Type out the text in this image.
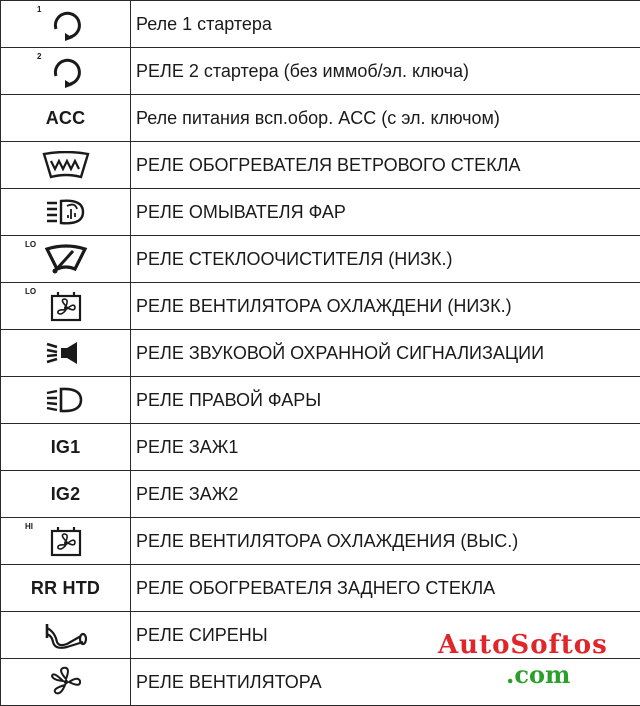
1	Реле 1 стартера

2	РЕЛЕ 2 стартера (без иммоб/эл. ключа)
ACC	Реле питания всп.обор. ACC (с эл. ключом)
	РЕЛЕ ОБОГРЕВАТЕЛЯ ВЕТРОВОГО СТЕКЛА
	РЕЛЕ ОМЫВАТЕЛЯ ФАР

LO	РЕЛЕ СТЕКЛООЧИСТИТЕЛЯ (НИЗК.)

LO	РЕЛЕ ВЕНТИЛЯТОРА ОХЛАЖДЕНИ (НИЗК.)
	РЕЛЕ ЗВУКОВОЙ ОХРАННОЙ СИГНАЛИЗАЦИИ
	РЕЛЕ ПРАВОЙ ФАРЫ
IG1	РЕЛЕ ЗАЖ1
IG2	РЕЛЕ ЗАЖ2

HI	РЕЛЕ ВЕНТИЛЯТОРА ОХЛАЖДЕНИЯ (ВЫС.)
RR HTD	РЕЛЕ ОБОГРЕВАТЕЛЯ ЗАДНЕГО СТЕКЛА
	РЕЛЕ СИРЕНЫ
	РЕЛЕ ВЕНТИЛЯТОРА
AutoSoftos
.com
